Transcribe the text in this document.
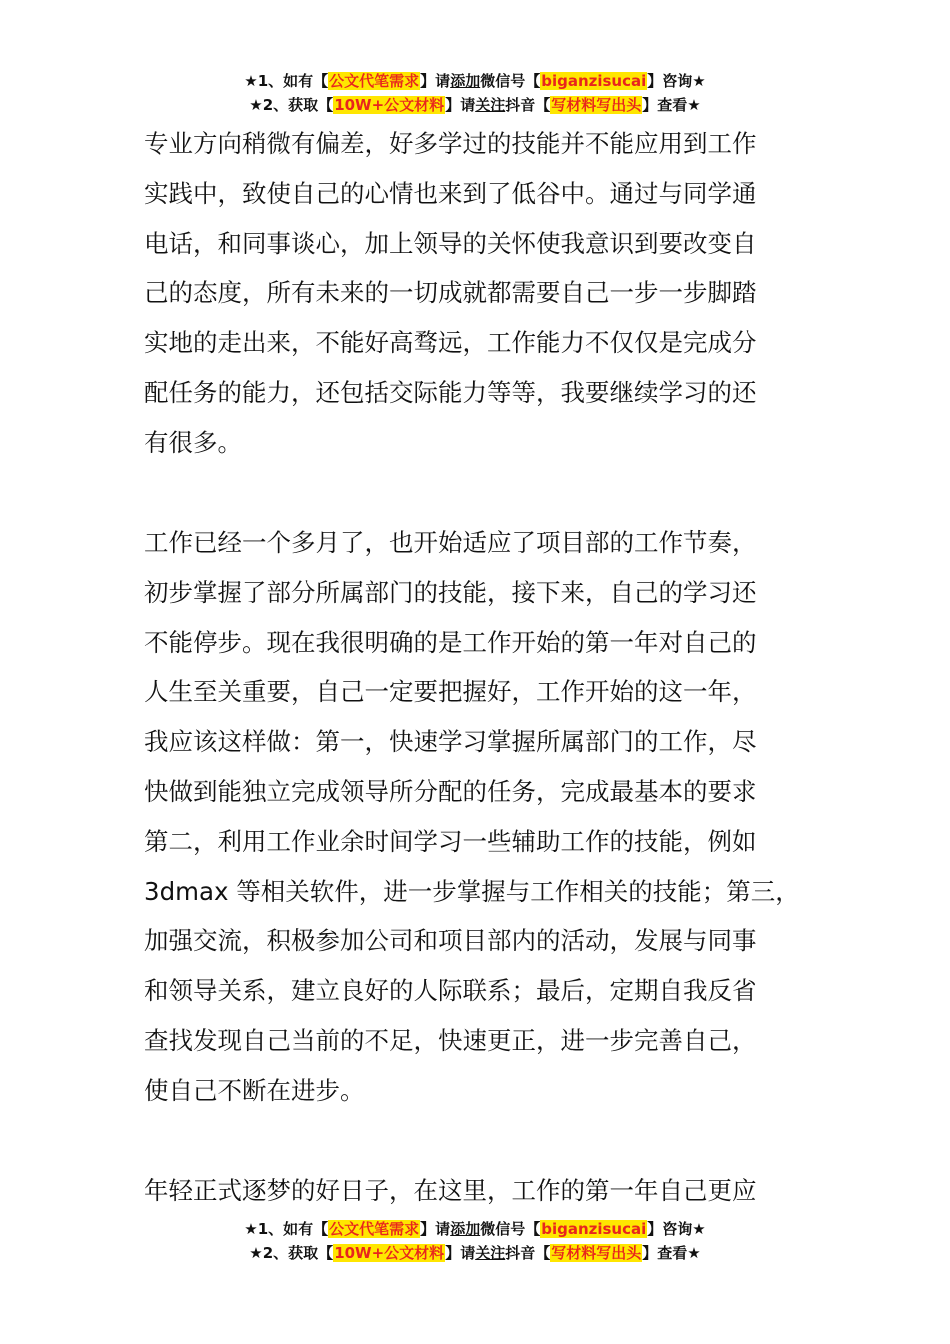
★1、如有【公文代笔需求】请添加微信号【biganzisucai】咨询★
★2、获取【10W+公文材料】请关注抖音【写材料写出头】查看★
专业方向稍微有偏差，好多学过的技能并不能应用到工作
实践中，致使自己的心情也来到了低谷中。通过与同学通
电话，和同事谈心，加上领导的关怀使我意识到要改变自
己的态度，所有未来的一切成就都需要自己一步一步脚踏
实地的走出来，不能好高骛远，工作能力不仅仅是完成分
配任务的能力，还包括交际能力等等，我要继续学习的还
有很多。
工作已经一个多月了，也开始适应了项目部的工作节奏，
初步掌握了部分所属部门的技能，接下来，自己的学习还
不能停步。现在我很明确的是工作开始的第一年对自己的
人生至关重要，自己一定要把握好，工作开始的这一年，
我应该这样做：第一，快速学习掌握所属部门的工作，尽
快做到能独立完成领导所分配的任务，完成最基本的要求
第二，利用工作业余时间学习一些辅助工作的技能，例如
3dmax 等相关软件，进一步掌握与工作相关的技能；第三，
加强交流，积极参加公司和项目部内的活动，发展与同事
和领导关系，建立良好的人际联系；最后，定期自我反省
查找发现自己当前的不足，快速更正，进一步完善自己，
使自己不断在进步。
年轻正式逐梦的好日子，在这里，工作的第一年自己更应
★1、如有【公文代笔需求】请添加微信号【biganzisucai】咨询★
★2、获取【10W+公文材料】请关注抖音【写材料写出头】查看★
